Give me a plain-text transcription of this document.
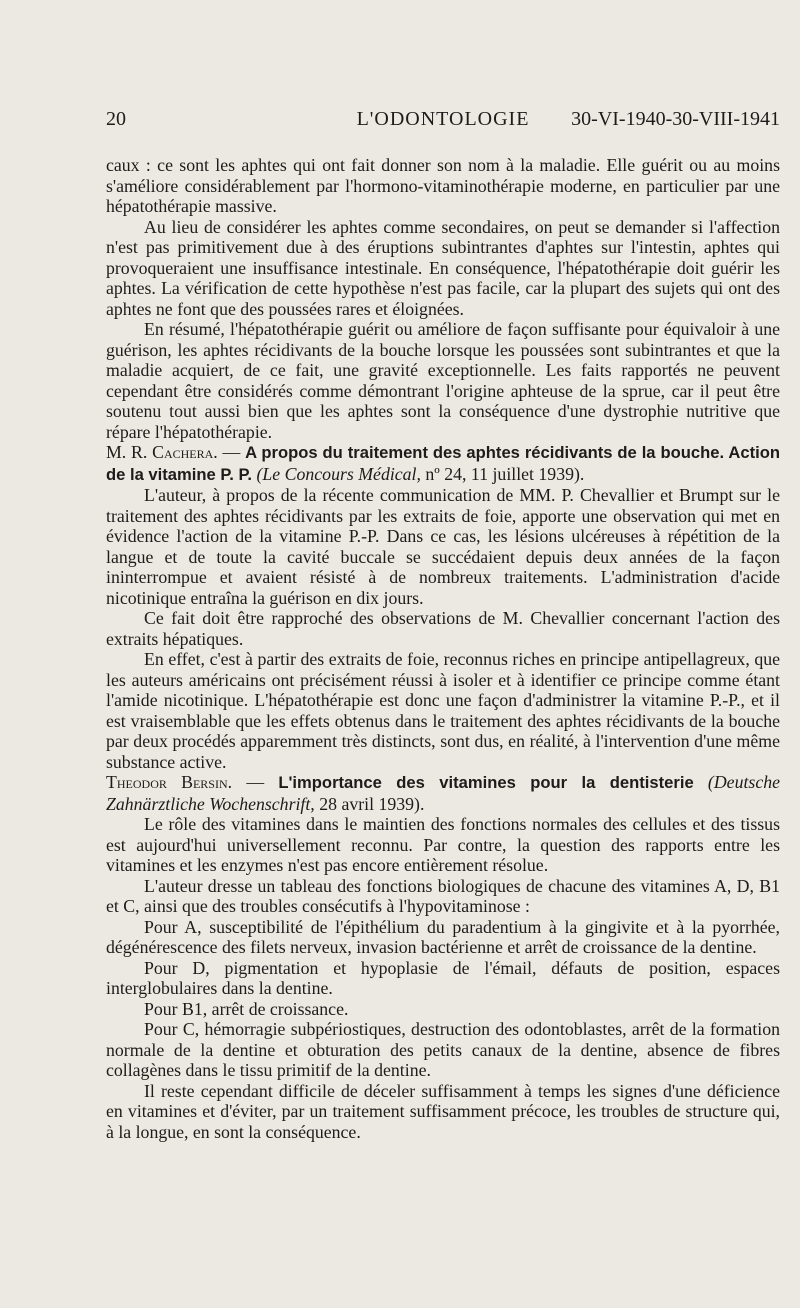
20	L'ODONTOLOGIE	30-VI-1940-30-VIII-1941

caux : ce sont les aphtes qui ont fait donner son nom à la maladie. Elle guérit ou au moins s'améliore considérablement par l'hormono-vitaminothérapie moderne, en particulier par une hépatothérapie massive.

Au lieu de considérer les aphtes comme secondaires, on peut se demander si l'affection n'est pas primitivement due à des éruptions subintrantes d'aphtes sur l'intestin, aphtes qui provoqueraient une insuffisance intestinale. En conséquence, l'hépatothérapie doit guérir les aphtes. La vérification de cette hypothèse n'est pas facile, car la plupart des sujets qui ont des aphtes ne font que des poussées rares et éloignées.

En résumé, l'hépatothérapie guérit ou améliore de façon suffisante pour équivaloir à une guérison, les aphtes récidivants de la bouche lorsque les poussées sont subintrantes et que la maladie acquiert, de ce fait, une gravité exceptionnelle. Les faits rapportés ne peuvent cependant être considérés comme démontrant l'origine aphteuse de la sprue, car il peut être soutenu tout aussi bien que les aphtes sont la conséquence d'une dystrophie nutritive que répare l'hépatothérapie.

M. R. Cachera. — A propos du traitement des aphtes récidivants de la bouche. Action de la vitamine P. P. (Le Concours Médical, nº 24, 11 juillet 1939).

L'auteur, à propos de la récente communication de MM. P. Chevallier et Brumpt sur le traitement des aphtes récidivants par les extraits de foie, apporte une observation qui met en évidence l'action de la vitamine P.-P. Dans ce cas, les lésions ulcéreuses à répétition de la langue et de toute la cavité buccale se succédaient depuis deux années de la façon ininterrompue et avaient résisté à de nombreux traitements. L'administration d'acide nicotinique entraîna la guérison en dix jours.

Ce fait doit être rapproché des observations de M. Chevallier concernant l'action des extraits hépatiques.

En effet, c'est à partir des extraits de foie, reconnus riches en principe antipellagreux, que les auteurs américains ont précisément réussi à isoler et à identifier ce principe comme étant l'amide nicotinique. L'hépatothérapie est donc une façon d'administrer la vitamine P.-P., et il est vraisemblable que les effets obtenus dans le traitement des aphtes récidivants de la bouche par deux procédés apparemment très distincts, sont dus, en réalité, à l'intervention d'une même substance active.

Theodor Bersin. — L'importance des vitamines pour la dentisterie (Deutsche Zahnärztliche Wochenschrift, 28 avril 1939).

Le rôle des vitamines dans le maintien des fonctions normales des cellules et des tissus est aujourd'hui universellement reconnu. Par contre, la question des rapports entre les vitamines et les enzymes n'est pas encore entièrement résolue.

L'auteur dresse un tableau des fonctions biologiques de chacune des vitamines A, D, B1 et C, ainsi que des troubles consécutifs à l'hypovitaminose :

Pour A, susceptibilité de l'épithélium du paradentium à la gingivite et à la pyorrhée, dégénérescence des filets nerveux, invasion bactérienne et arrêt de croissance de la dentine.

Pour D, pigmentation et hypoplasie de l'émail, défauts de position, espaces interglobulaires dans la dentine.

Pour B1, arrêt de croissance.

Pour C, hémorragie subpériostiques, destruction des odontoblastes, arrêt de la formation normale de la dentine et obturation des petits canaux de la dentine, absence de fibres collagènes dans le tissu primitif de la dentine.

Il reste cependant difficile de déceler suffisamment à temps les signes d'une déficience en vitamines et d'éviter, par un traitement suffisamment précoce, les troubles de structure qui, à la longue, en sont la conséquence.
